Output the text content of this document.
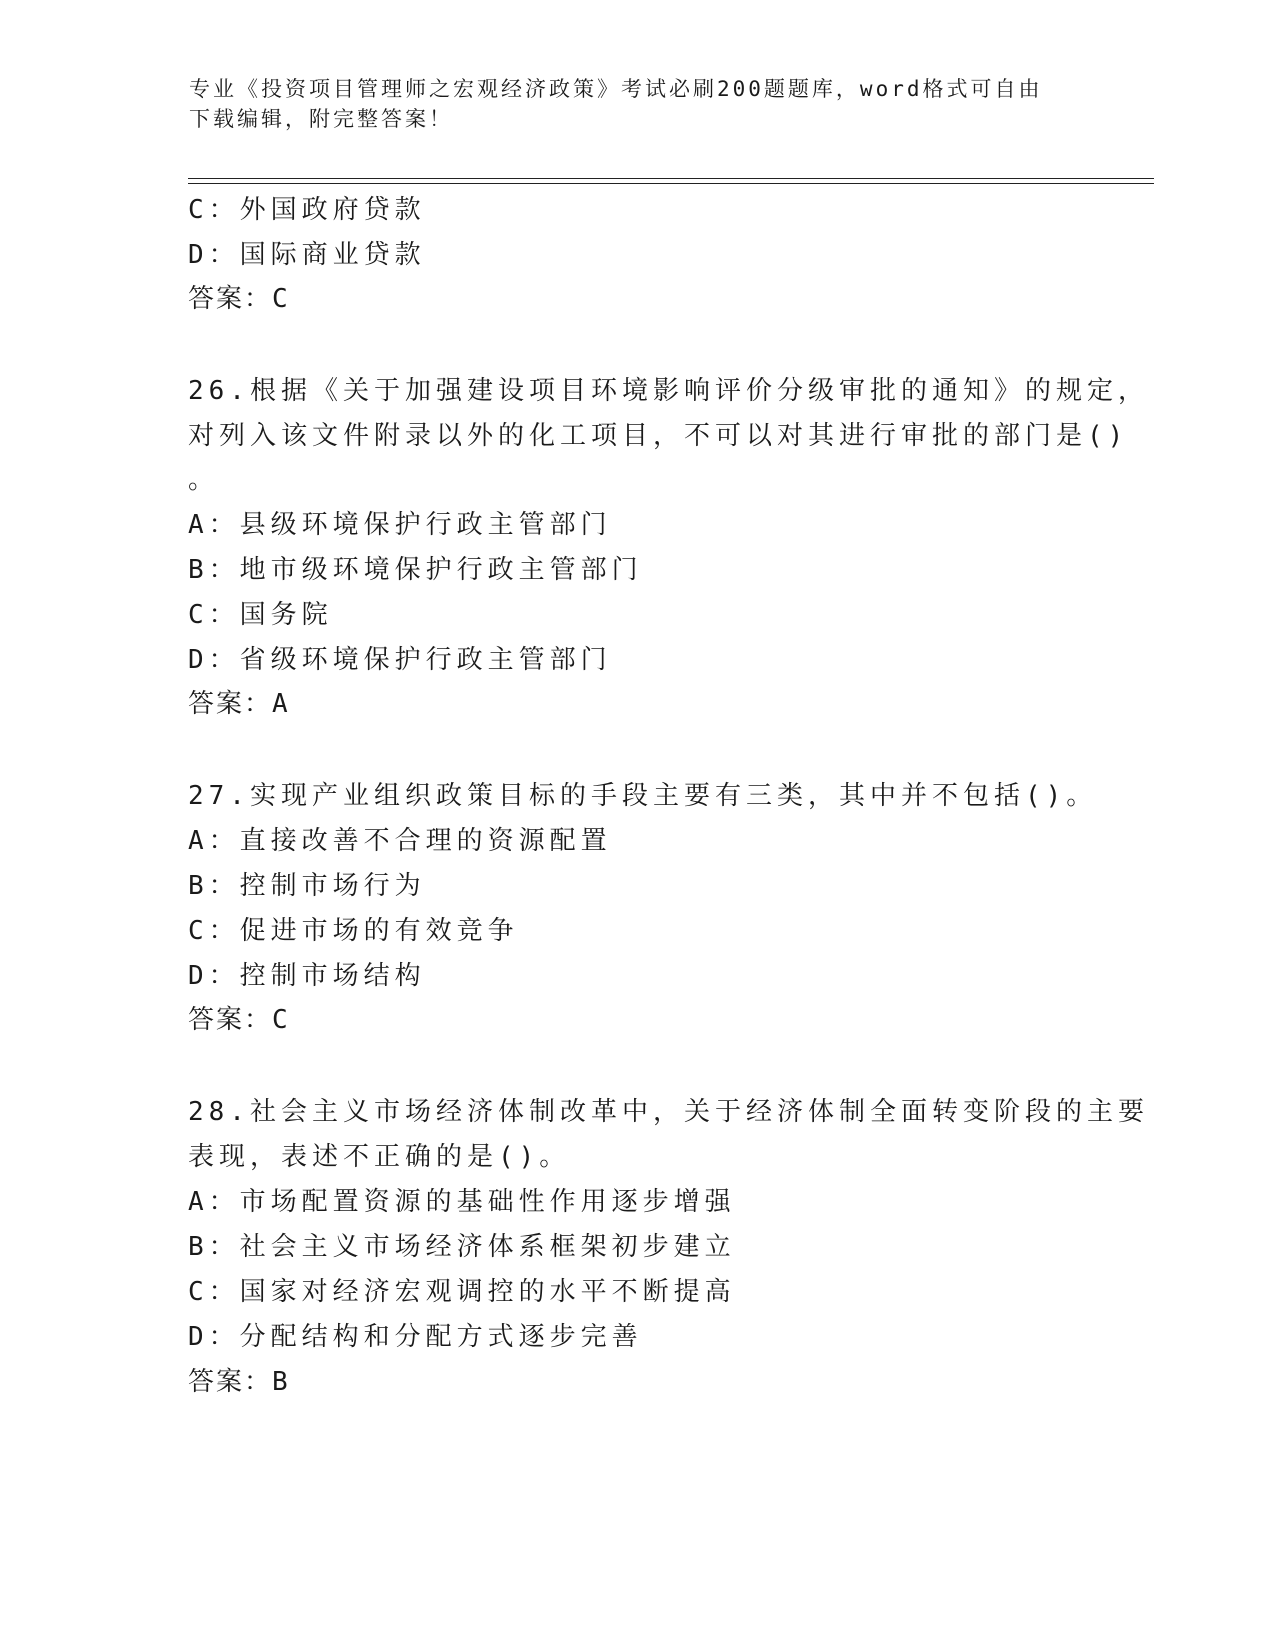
专业《投资项目管理师之宏观经济政策》考试必刷200题题库，word格式可自由
下载编辑，附完整答案！
C：外国政府贷款
D：国际商业贷款
答案：C
26.根据《关于加强建设项目环境影响评价分级审批的通知》的规定，
对列入该文件附录以外的化工项目，不可以对其进行审批的部门是()
。
A：县级环境保护行政主管部门
B：地市级环境保护行政主管部门
C：国务院
D：省级环境保护行政主管部门
答案：A
27.实现产业组织政策目标的手段主要有三类，其中并不包括()。
A：直接改善不合理的资源配置
B：控制市场行为
C：促进市场的有效竞争
D：控制市场结构
答案：C
28.社会主义市场经济体制改革中，关于经济体制全面转变阶段的主要
表现，表述不正确的是()。
A：市场配置资源的基础性作用逐步增强
B：社会主义市场经济体系框架初步建立
C：国家对经济宏观调控的水平不断提高
D：分配结构和分配方式逐步完善
答案：B
